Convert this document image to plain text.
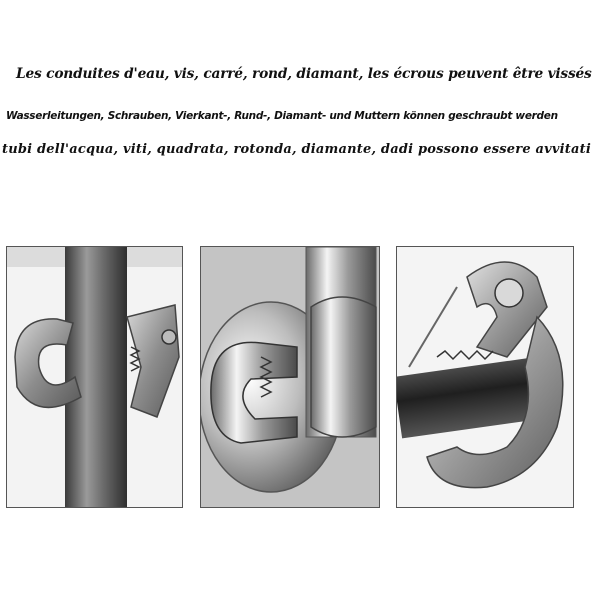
Les conduites d'eau, vis, carré, rond, diamant, les écrous peuvent être vissés
Wasserleitungen, Schrauben, Vierkant-, Rund-, Diamant- und Muttern können geschraubt werden
tubi dell'acqua, viti, quadrata, rotonda, diamante, dadi possono essere avvitati
